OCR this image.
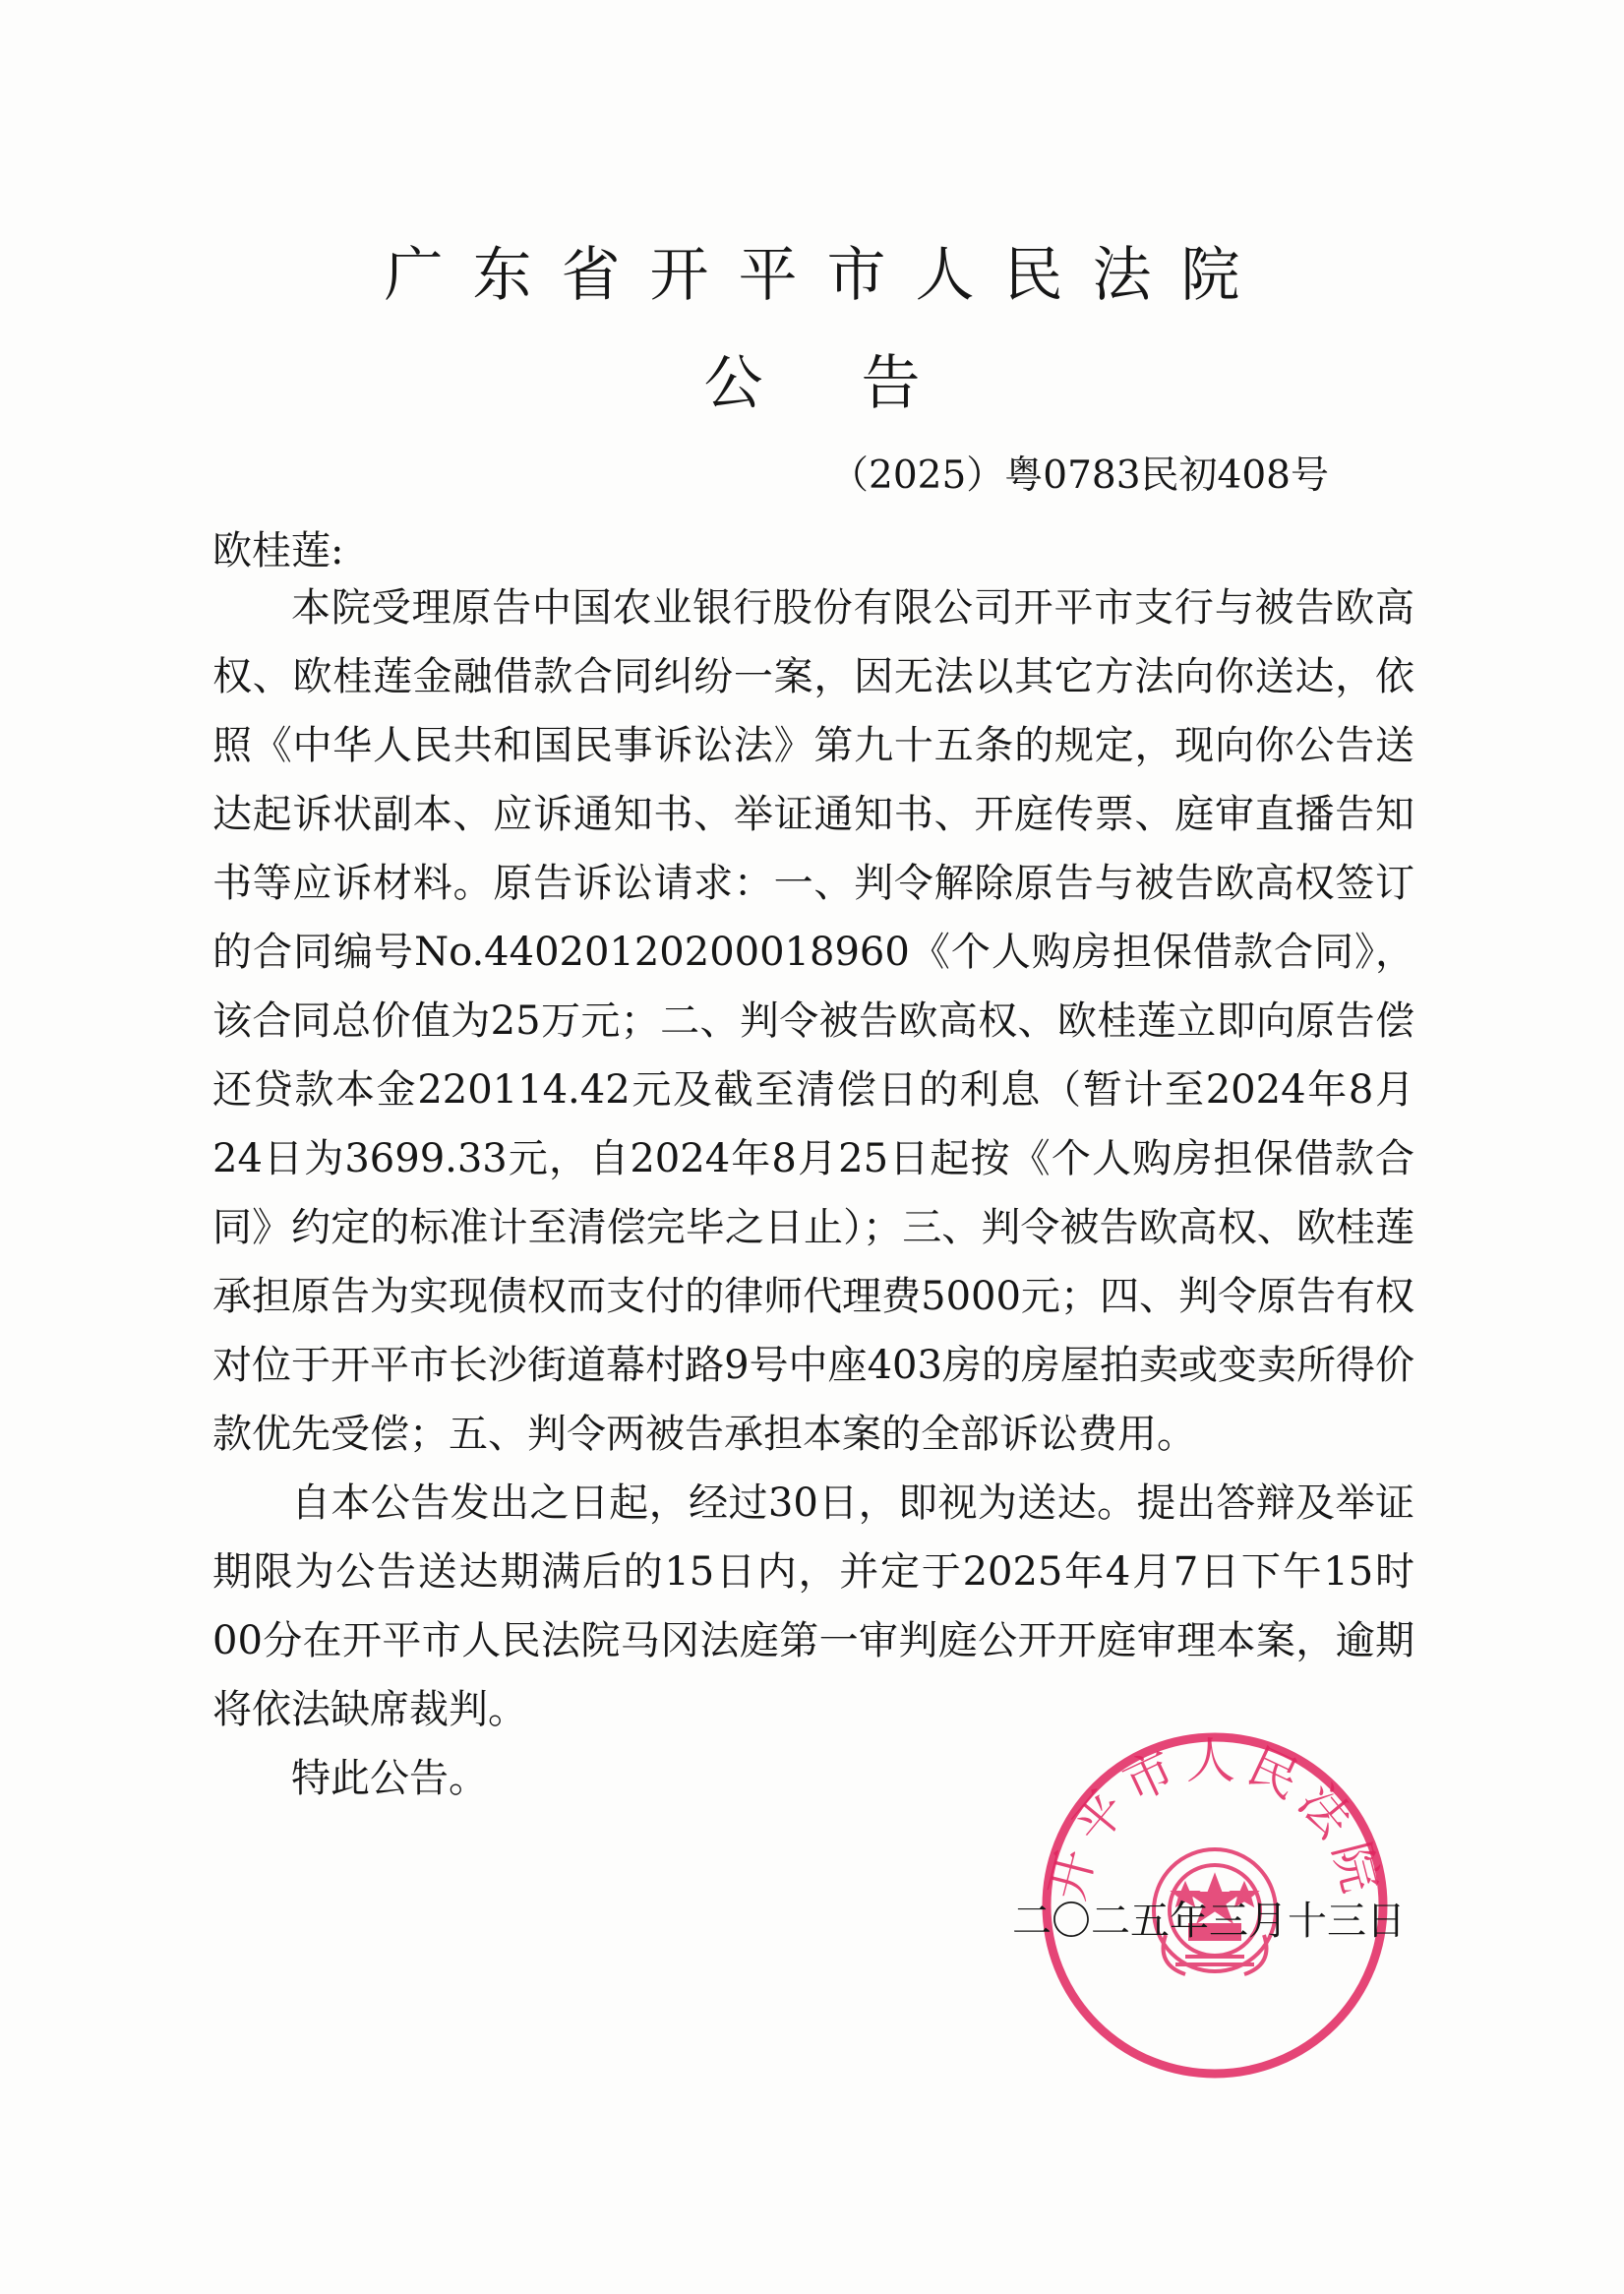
广东省开平市人民法院
公告
（2025）粤0783民初408号
欧桂莲:

本院受理原告中国农业银行股份有限公司开平市支行与被告欧高权、欧桂莲金融借款合同纠纷一案，因无法以其它方法向你送达，依照《中华人民共和国民事诉讼法》第九十五条的规定，现向你公告送达起诉状副本、应诉通知书、举证通知书、开庭传票、庭审直播告知书等应诉材料。原告诉讼请求：一、判令解除原告与被告欧高权签订的合同编号No.44020120200018960《个人购房担保借款合同》，该合同总价值为25万元；二、判令被告欧高权、欧桂莲立即向原告偿还贷款本金220114.42元及截至清偿日的利息（暂计至2024年8月24日为3699.33元，自2024年8月25日起按《个人购房担保借款合同》约定的标准计至清偿完毕之日止）；三、判令被告欧高权、欧桂莲承担原告为实现债权而支付的律师代理费5000元；四、判令原告有权对位于开平市长沙街道幕村路9号中座403房的房屋拍卖或变卖所得价款优先受偿；五、判令两被告承担本案的全部诉讼费用。

自本公告发出之日起，经过30日，即视为送达。提出答辩及举证期限为公告送达期满后的15日内，并定于2025年4月7日下午15时00分在开平市人民法院马冈法庭第一审判庭公开开庭审理本案，逾期将依法缺席裁判。

特此公告。

开平市人民法院
二〇二五年三月十三日
